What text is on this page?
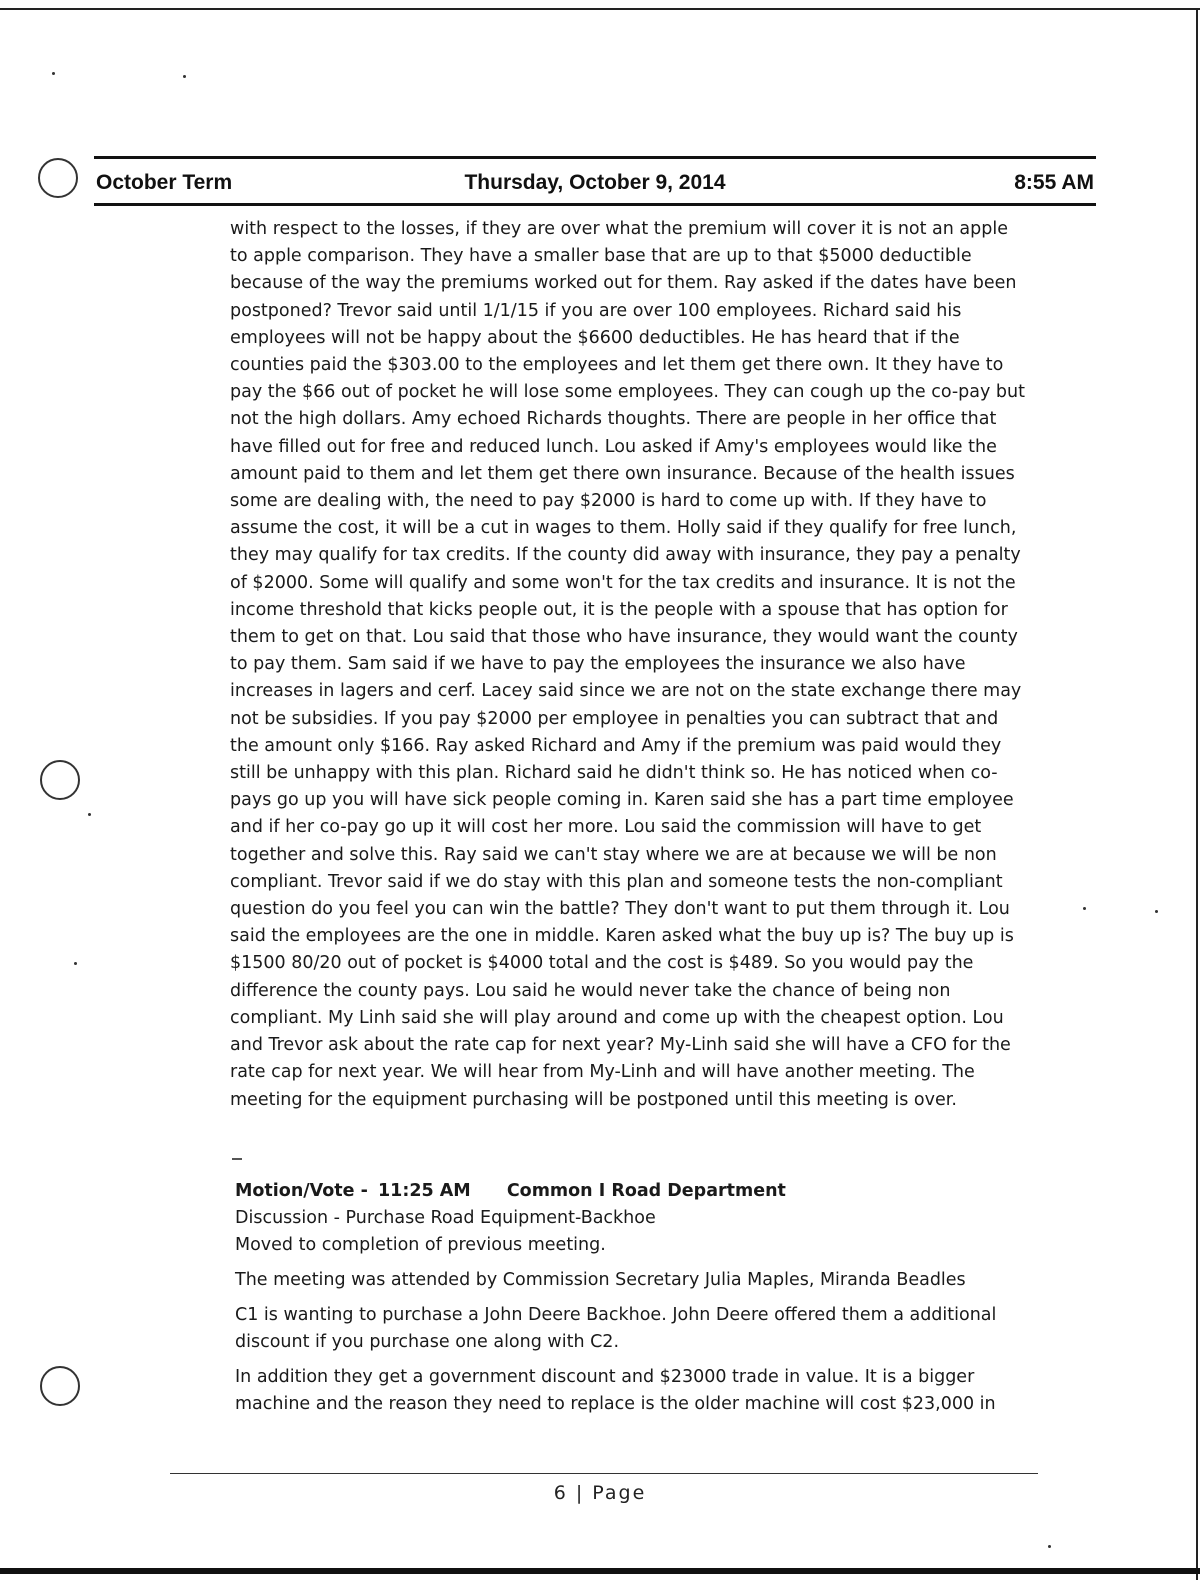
October Term	Thursday, October 9, 2014	8:55 AM

with respect to the losses, if they are over what the premium will cover it is not an apple to apple comparison. They have a smaller base that are up to that $5000 deductible because of the way the premiums worked out for them. Ray asked if the dates have been postponed? Trevor said until 1/1/15 if you are over 100 employees. Richard said his employees will not be happy about the $6600 deductibles. He has heard that if the counties paid the $303.00 to the employees and let them get there own. It they have to pay the $66 out of pocket he will lose some employees. They can cough up the co-pay but not the high dollars. Amy echoed Richards thoughts. There are people in her office that have filled out for free and reduced lunch. Lou asked if Amy's employees would like the amount paid to them and let them get there own insurance. Because of the health issues some are dealing with, the need to pay $2000 is hard to come up with. If they have to assume the cost, it will be a cut in wages to them. Holly said if they qualify for free lunch, they may qualify for tax credits. If the county did away with insurance, they pay a penalty of $2000. Some will qualify and some won't for the tax credits and insurance. It is not the income threshold that kicks people out, it is the people with a spouse that has option for them to get on that. Lou said that those who have insurance, they would want the county to pay them. Sam said if we have to pay the employees the insurance we also have increases in lagers and cerf. Lacey said since we are not on the state exchange there may not be subsidies. If you pay $2000 per employee in penalties you can subtract that and the amount only $166. Ray asked Richard and Amy if the premium was paid would they still be unhappy with this plan. Richard said he didn't think so. He has noticed when co-pays go up you will have sick people coming in. Karen said she has a part time employee and if her co-pay go up it will cost her more. Lou said the commission will have to get together and solve this. Ray said we can't stay where we are at because we will be non compliant. Trevor said if we do stay with this plan and someone tests the non-compliant question do you feel you can win the battle? They don't want to put them through it. Lou said the employees are the one in middle. Karen asked what the buy up is? The buy up is $1500 80/20 out of pocket is $4000 total and the cost is $489. So you would pay the difference the county pays. Lou said he would never take the chance of being non compliant. My Linh said she will play around and come up with the cheapest option. Lou and Trevor ask about the rate cap for next year? My-Linh said she will have a CFO for the rate cap for next year. We will hear from My-Linh and will have another meeting. The meeting for the equipment purchasing will be postponed until this meeting is over.

Motion/Vote - 11:25 AM Common I Road Department

Discussion - Purchase Road Equipment-Backhoe

Moved to completion of previous meeting.

The meeting was attended by Commission Secretary Julia Maples, Miranda Beadles

C1 is wanting to purchase a John Deere Backhoe. John Deere offered them a additional discount if you purchase one along with C2.

In addition they get a government discount and $23000 trade in value. It is a bigger machine and the reason they need to replace is the older machine will cost $23,000 in

6 | Page
